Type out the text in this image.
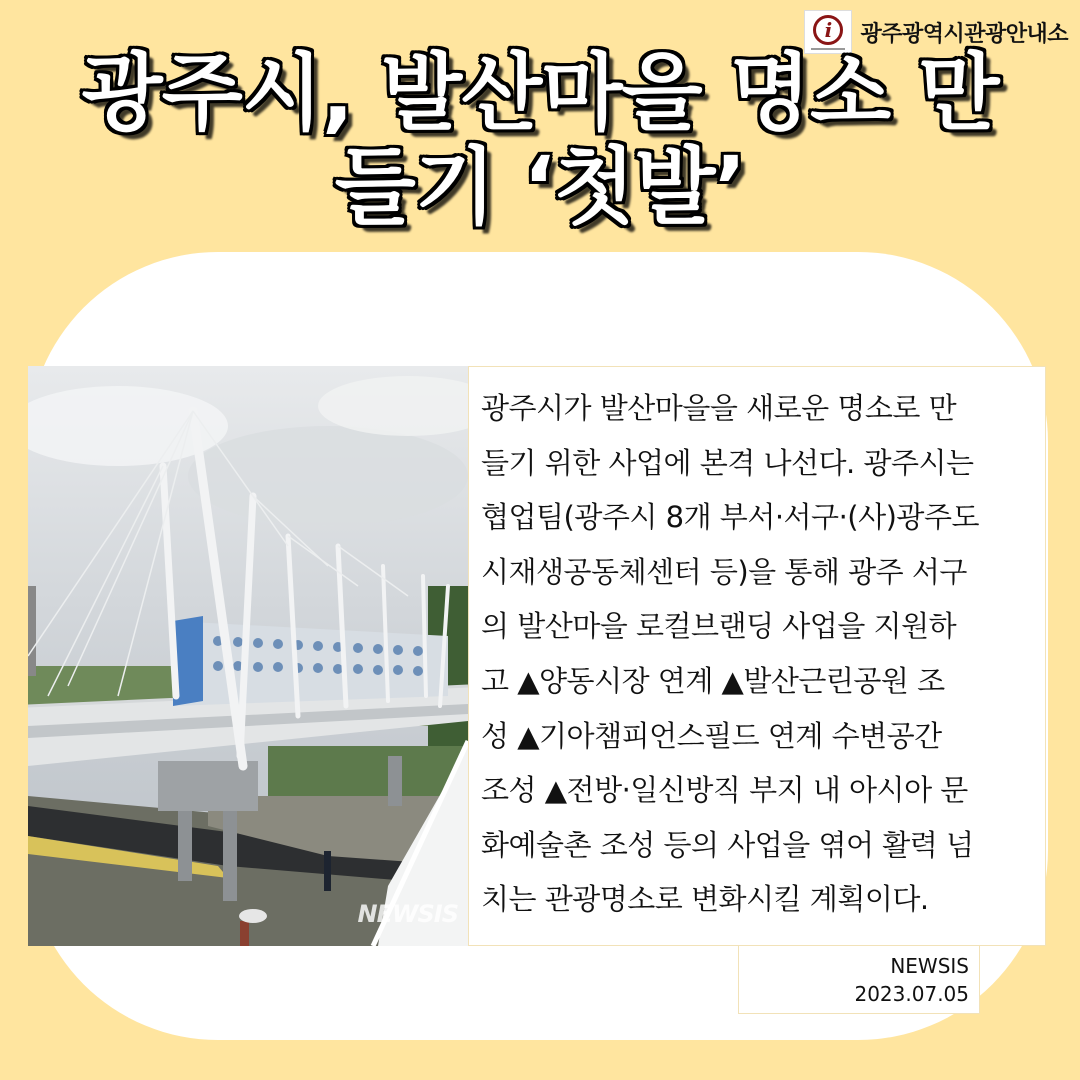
i	광주광역시관광안내소
광주시, 발산마을 명소 만
들기 ‘첫발’
NEWSIS
광주시가 발산마을을 새로운 명소로 만
들기 위한 사업에 본격 나선다. 광주시는
협업팀(광주시 8개 부서·서구·(사)광주도
시재생공동체센터 등)을 통해 광주 서구
의 발산마을 로컬브랜딩 사업을 지원하
고 ▲양동시장 연계 ▲발산근린공원 조
성 ▲기아챔피언스필드 연계 수변공간
조성 ▲전방·일신방직 부지 내 아시아 문
화예술촌 조성 등의 사업을 엮어 활력 넘
치는 관광명소로 변화시킬 계획이다.
NEWSIS
2023.07.05
